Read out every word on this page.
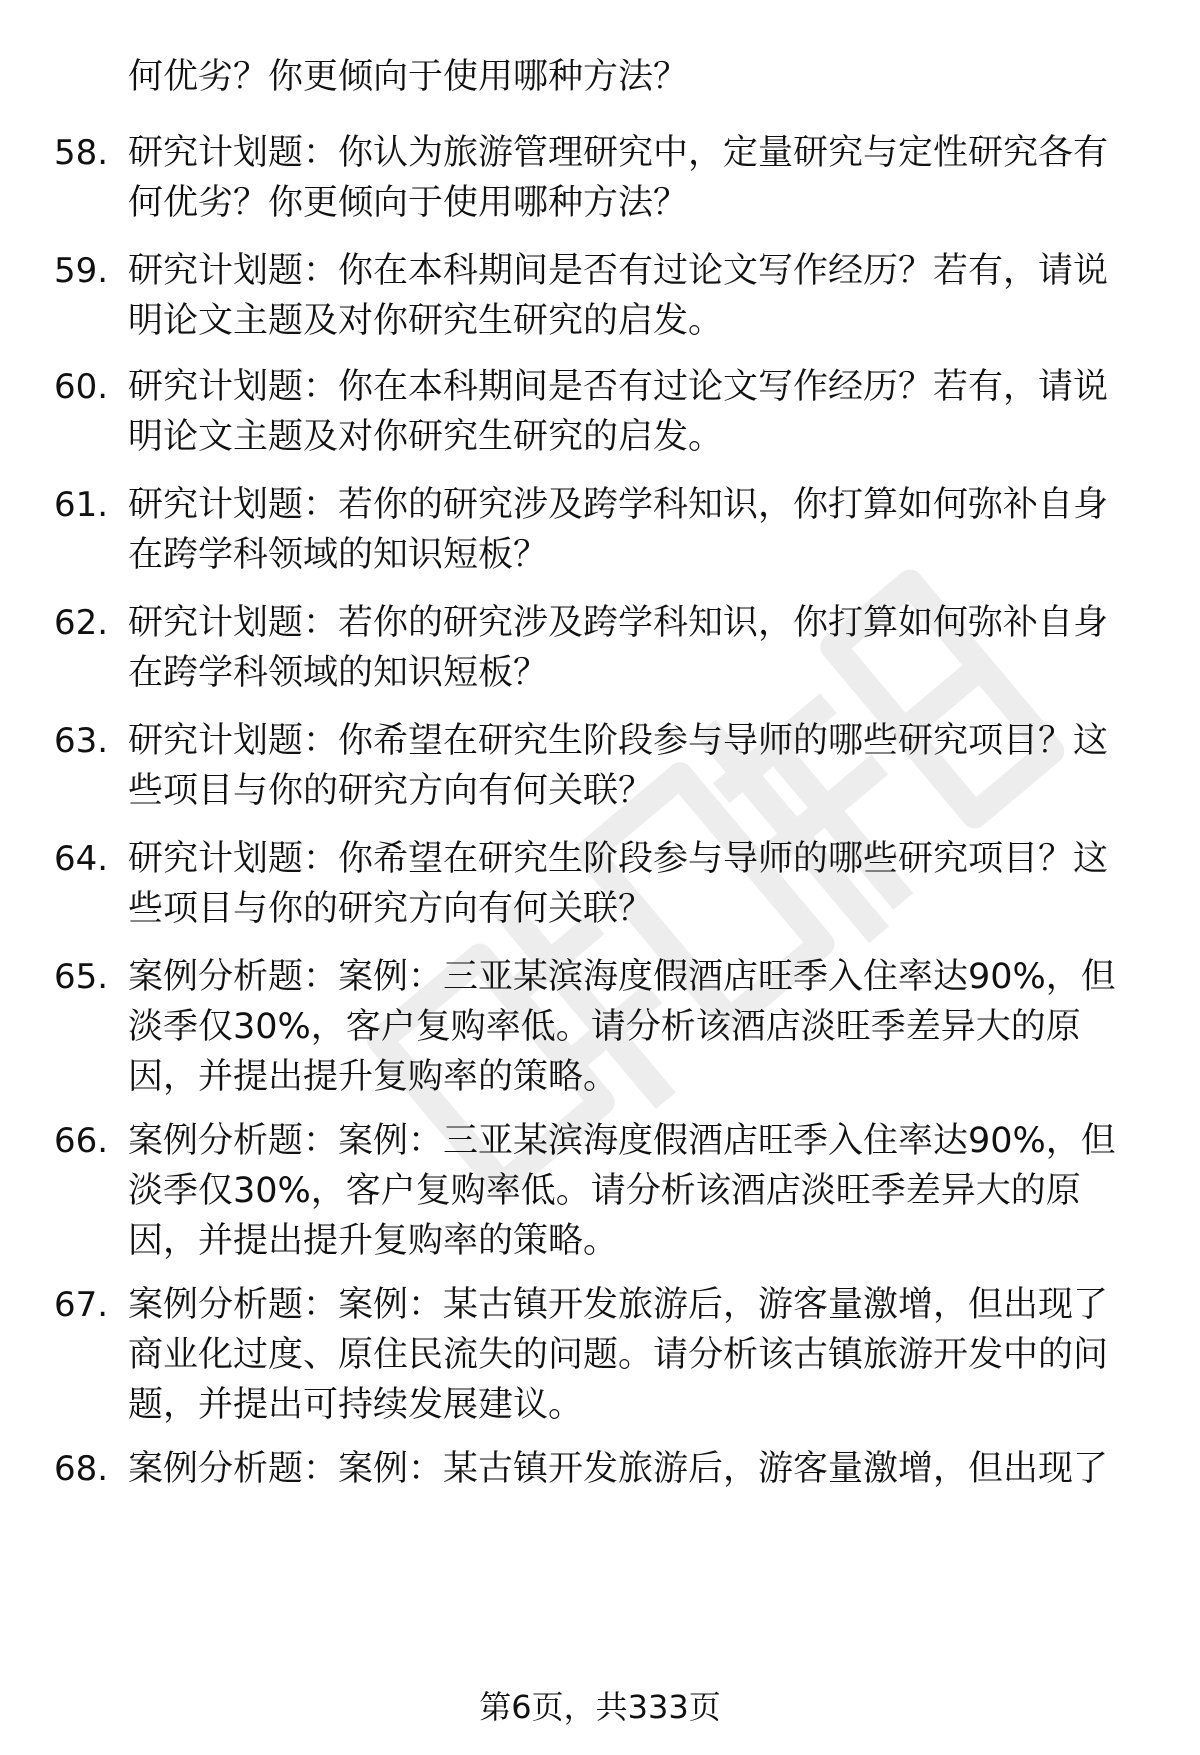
何优劣？你更倾向于使用哪种方法？
58. 研究计划题：你认为旅游管理研究中，定量研究与定性研究各有
何优劣？你更倾向于使用哪种方法？
59. 研究计划题：你在本科期间是否有过论文写作经历？若有，请说
明论文主题及对你研究生研究的启发。
60. 研究计划题：你在本科期间是否有过论文写作经历？若有，请说
明论文主题及对你研究生研究的启发。
61. 研究计划题：若你的研究涉及跨学科知识，你打算如何弥补自身
在跨学科领域的知识短板？
62. 研究计划题：若你的研究涉及跨学科知识，你打算如何弥补自身
在跨学科领域的知识短板？
63. 研究计划题：你希望在研究生阶段参与导师的哪些研究项目？这
些项目与你的研究方向有何关联？
64. 研究计划题：你希望在研究生阶段参与导师的哪些研究项目？这
些项目与你的研究方向有何关联？
65. 案例分析题：案例：三亚某滨海度假酒店旺季入住率达90%，但
淡季仅30%，客户复购率低。请分析该酒店淡旺季差异大的原
因，并提出提升复购率的策略。
66. 案例分析题：案例：三亚某滨海度假酒店旺季入住率达90%，但
淡季仅30%，客户复购率低。请分析该酒店淡旺季差异大的原
因，并提出提升复购率的策略。
67. 案例分析题：案例：某古镇开发旅游后，游客量激增，但出现了
商业化过度、原住民流失的问题。请分析该古镇旅游开发中的问
题，并提出可持续发展建议。
68. 案例分析题：案例：某古镇开发旅游后，游客量激增，但出现了
第6页，共333页
